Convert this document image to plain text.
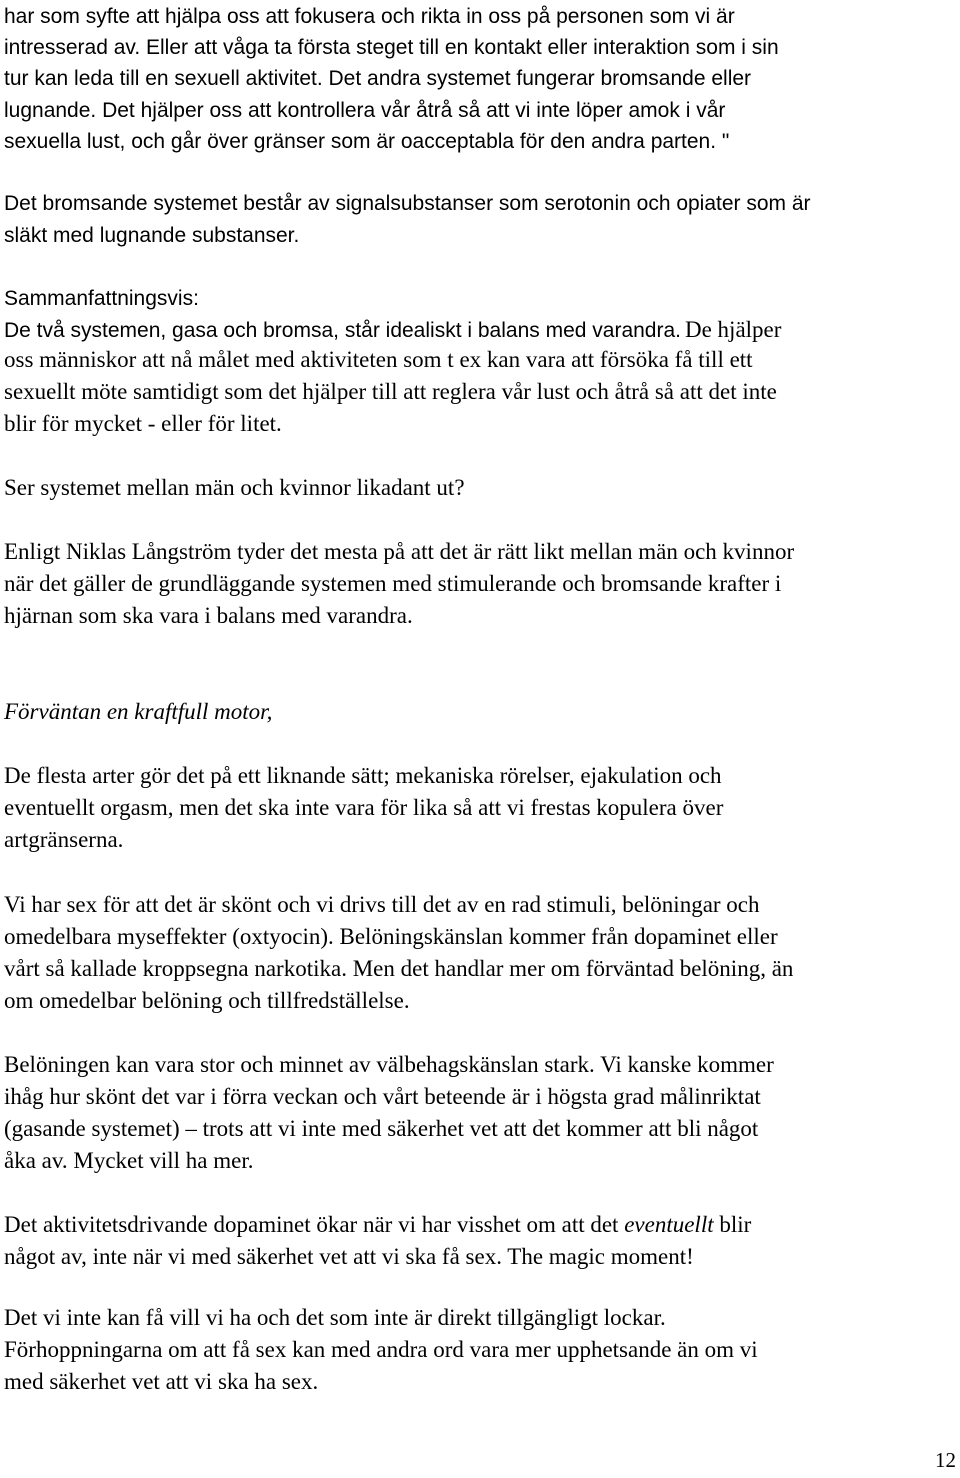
har som syfte att hjälpa oss att fokusera och rikta in oss på personen som vi är
intresserad av. Eller att våga ta första steget till en kontakt eller interaktion som i sin
tur kan leda till en sexuell aktivitet. Det andra systemet fungerar bromsande eller
lugnande. Det hjälper oss att kontrollera vår åtrå så att vi inte löper amok i vår
sexuella lust, och går över gränser som är oacceptabla för den andra parten. "
Det bromsande systemet består av signalsubstanser som serotonin och opiater som är
släkt med lugnande substanser.
Sammanfattningsvis:
De två systemen, gasa och bromsa, står idealiskt i balans med varandra. De hjälper
oss människor att nå målet med aktiviteten som t ex kan vara att försöka få till ett
sexuellt möte samtidigt som det hjälper till att reglera vår lust och åtrå så att det inte
blir för mycket - eller för litet.
Ser systemet mellan män och kvinnor likadant ut?
Enligt Niklas Långström tyder det mesta på att det är rätt likt mellan män och kvinnor
när det gäller de grundläggande systemen med stimulerande och bromsande krafter i
hjärnan som ska vara i balans med varandra.
Förväntan en kraftfull motor,
De flesta arter gör det på ett liknande sätt; mekaniska rörelser, ejakulation och
eventuellt orgasm, men det ska inte vara för lika så att vi frestas kopulera över
artgränserna.
Vi har sex för att det är skönt och vi drivs till det av en rad stimuli, belöningar och
omedelbara myseffekter (oxtyocin). Belöningskänslan kommer från dopaminet eller
vårt så kallade kroppsegna narkotika. Men det handlar mer om förväntad belöning, än
om omedelbar belöning och tillfredställelse.
Belöningen kan vara stor och minnet av välbehagskänslan stark. Vi kanske kommer
ihåg hur skönt det var i förra veckan och vårt beteende är i högsta grad målinriktat
(gasande systemet) – trots att vi inte med säkerhet vet att det kommer att bli något
åka av. Mycket vill ha mer.
Det aktivitetsdrivande dopaminet ökar när vi har visshet om att det eventuellt blir
något av, inte när vi med säkerhet vet att vi ska få sex. The magic moment!
Det vi inte kan få vill vi ha och det som inte är direkt tillgängligt lockar.
Förhoppningarna om att få sex kan med andra ord vara mer upphetsande än om vi
med säkerhet vet att vi ska ha sex.
12
